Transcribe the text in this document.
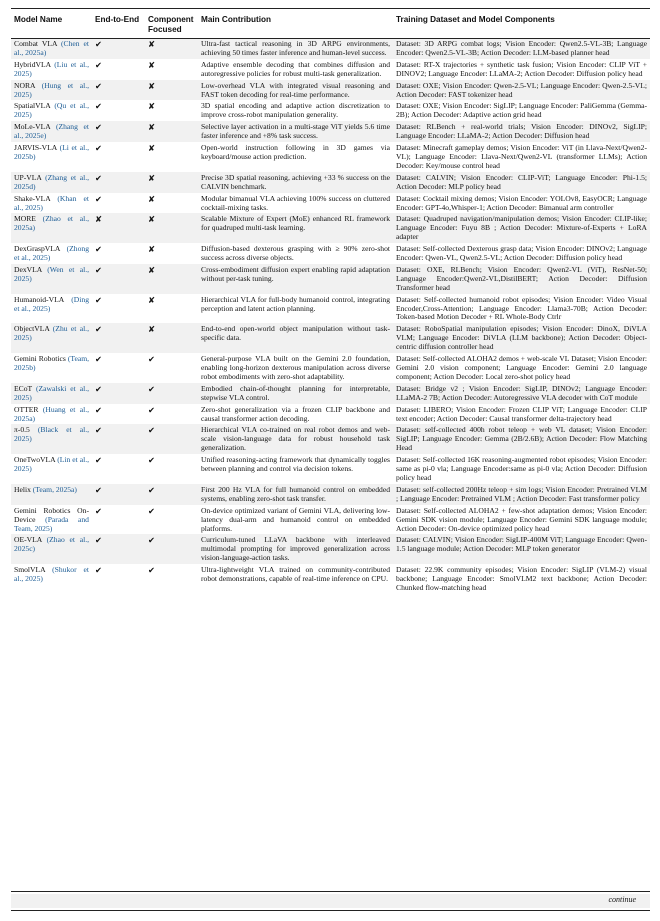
Model Name	End-to-End	Component Focused	Main Contribution	Training Dataset and Model Components
Combat VLA (Chen et al., 2025a)	✔	✘	Ultra-fast tactical reasoning in 3D ARPG environments, achieving 50 times faster inference and human-level success.	Dataset: 3D ARPG combat logs; Vision Encoder: Qwen2.5-VL-3B; Language Encoder: Qwen2.5-VL-3B; Action Decoder: LLM-based planner head
HybridVLA (Liu et al., 2025)	✔	✘	Adaptive ensemble decoding that combines diffusion and autoregressive policies for robust multi-task generalization.	Dataset: RT-X trajectories + synthetic task fusion; Vision Encoder: CLIP ViT + DINOV2; Language Encoder: LLaMA-2; Action Decoder: Diffusion policy head
NORA (Hung et al., 2025)	✔	✘	Low-overhead VLA with integrated visual reasoning and FAST token decoding for real-time performance.	Dataset: OXE; Vision Encoder: Qwen-2.5-VL; Language Encoder: Qwen-2.5-VL; Action Decoder: FAST tokenizer head
SpatialVLA (Qu et al., 2025)	✔	✘	3D spatial encoding and adaptive action discretization to improve cross-robot manipulation generality.	Dataset: OXE; Vision Encoder: SigLIP; Language Encoder: PaliGemma (Gemma-2B); Action Decoder: Adaptive action grid head
MoLe-VLA (Zhang et al., 2025e)	✔	✘	Selective layer activation in a multi-stage ViT yields 5.6 time faster inference and +8% task success.	Dataset: RLBench + real-world trials; Vision Encoder: DINOv2, SigLIP; Language Encoder: LLaMA-2; Action Decoder: Diffusion head
JARVIS-VLA (Li et al., 2025b)	✔	✘	Open-world instruction following in 3D games via keyboard/mouse action prediction.	Dataset: Minecraft gameplay demos; Vision Encoder: ViT (in Llava-Next/Qwen2-VL); Language Encoder: Llava-Next/Qwen2-VL (transformer LLMs); Action Decoder: Key/mouse control head
UP-VLA (Zhang et al., 2025d)	✔	✘	Precise 3D spatial reasoning, achieving +33 % success on the CALVIN benchmark.	Dataset: CALVIN; Vision Encoder: CLIP-ViT; Language Encoder: Phi-1.5; Action Decoder: MLP policy head
Shake-VLA (Khan et al., 2025)	✔	✘	Modular bimanual VLA achieving 100% success on cluttered cocktail-mixing tasks.	Dataset: Cocktail mixing demos; Vision Encoder: YOLOv8, EasyOCR; Language Encoder: GPT-4o,Whisper-1; Action Decoder: Bimanual arm controller
MORE (Zhao et al., 2025a)	✘	✘	Scalable Mixture of Expert (MoE) enhanced RL framework for quadruped multi-task learning.	Dataset: Quadruped navigation/manipulation demos; Vision Encoder: CLIP-like; Language Encoder: Fuyu 8B ; Action Decoder: Mixture-of-Experts + LoRA adapter
DexGraspVLA (Zhong et al., 2025)	✔	✘	Diffusion-based dexterous grasping with ≥ 90% zero-shot success across diverse objects.	Dataset: Self-collected Dexterous grasp data; Vision Encoder: DINOv2; Language Encoder: Qwen-VL, Qwen2.5-VL; Action Decoder: Diffusion policy head
DexVLA (Wen et al., 2025)	✔	✘	Cross-embodiment diffusion expert enabling rapid adaptation without per-task tuning.	Dataset: OXE, RLBench; Vision Encoder: Qwen2-VL (ViT), ResNet-50; Language Encoder:Qwen2-VL,DistilBERT; Action Decoder: Diffusion Transformer head
Humanoid-VLA (Ding et al., 2025)	✔	✘	Hierarchical VLA for full-body humanoid control, integrating perception and latent action planning.	Dataset: Self-collected humanoid robot episodes; Vision Encoder: Video Visual Encoder,Cross-Attention; Language Encoder: Llama3-70B; Action Decoder: Token-based Motion Decoder + RL Whole-Body Ctrlr
ObjectVLA (Zhu et al., 2025)	✔	✘	End-to-end open-world object manipulation without task-specific data.	Dataset: RoboSpatial manipulation episodes; Vision Encoder: DinoX, DiVLA VLM; Language Encoder: DiVLA (LLM backbone); Action Decoder: Object-centric diffusion controller head
Gemini Robotics (Team, 2025b)	✔	✔	General-purpose VLA built on the Gemini 2.0 foundation, enabling long-horizon dexterous manipulation across diverse robot embodiments with zero-shot adaptability.	Dataset: Self-collected ALOHA2 demos + web-scale VL Dataset; Vision Encoder: Gemini 2.0 vision component; Language Encoder: Gemini 2.0 language component; Action Decoder: Local zero-shot policy head
ECoT (Zawalski et al., 2025)	✔	✔	Embodied chain-of-thought planning for interpretable, stepwise VLA control.	Dataset: Bridge v2 ; Vision Encoder: SigLIP, DINOv2; Language Encoder: LLaMA-2 7B; Action Decoder: Autoregressive VLA decoder with CoT module
OTTER (Huang et al., 2025a)	✔	✔	Zero-shot generalization via a frozen CLIP backbone and causal transformer action decoding.	Dataset: LIBERO; Vision Encoder: Frozen CLIP ViT; Language Encoder: CLIP text encoder; Action Decoder: Causal transformer delta-trajectory head
π-0.5 (Black et al., 2025)	✔	✔	Hierarchical VLA co-trained on real robot demos and web-scale vision-language data for robust household task generalization.	Dataset: self-collected 400h robot teleop + web VL dataset; Vision Encoder: SigLIP; Language Encoder: Gemma (2B/2.6B); Action Decoder: Flow Matching Head
OneTwoVLA (Lin et al., 2025)	✔	✔	Unified reasoning-acting framework that dynamically toggles between planning and control via decision tokens.	Dataset: Self-collected 16K reasoning-augmented robot episodes; Vision Encoder: same as pi-0 vla; Language Encoder:same as pi-0 vla; Action Decoder: Diffusion policy head
Helix (Team, 2025a)	✔	✔	First 200 Hz VLA for full humanoid control on embedded systems, enabling zero-shot task transfer.	Dataset: self-collected 200Hz teleop + sim logs; Vision Encoder: Pretrained VLM ; Language Encoder: Pretrained VLM ; Action Decoder: Fast transformer policy
Gemini Robotics On-Device (Parada and Team, 2025)	✔	✔	On-device optimized variant of Gemini VLA, delivering low-latency dual-arm and humanoid control on embedded platforms.	Dataset: Self-collected ALOHA2 + few-shot adaptation demos; Vision Encoder: Gemini SDK vision module; Language Encoder: Gemini SDK language module; Action Decoder: On-device optimized policy head
OE-VLA (Zhao et al., 2025c)	✔	✔	Curriculum-tuned LLaVA backbone with interleaved multimodal prompting for improved generalization across vision-language-action tasks.	Dataset: CALVIN; Vision Encoder: SigLIP-400M ViT; Language Encoder: Qwen-1.5 language module; Action Decoder: MLP token generator
SmolVLA (Shukor et al., 2025)	✔	✔	Ultra-lightweight VLA trained on community-contributed robot demonstrations, capable of real-time inference on CPU.	Dataset: 22.9K community episodes; Vision Encoder: SigLIP (VLM-2) visual backbone; Language Encoder: SmolVLM2 text backbone; Action Decoder: Chunked flow-matching head
continue
